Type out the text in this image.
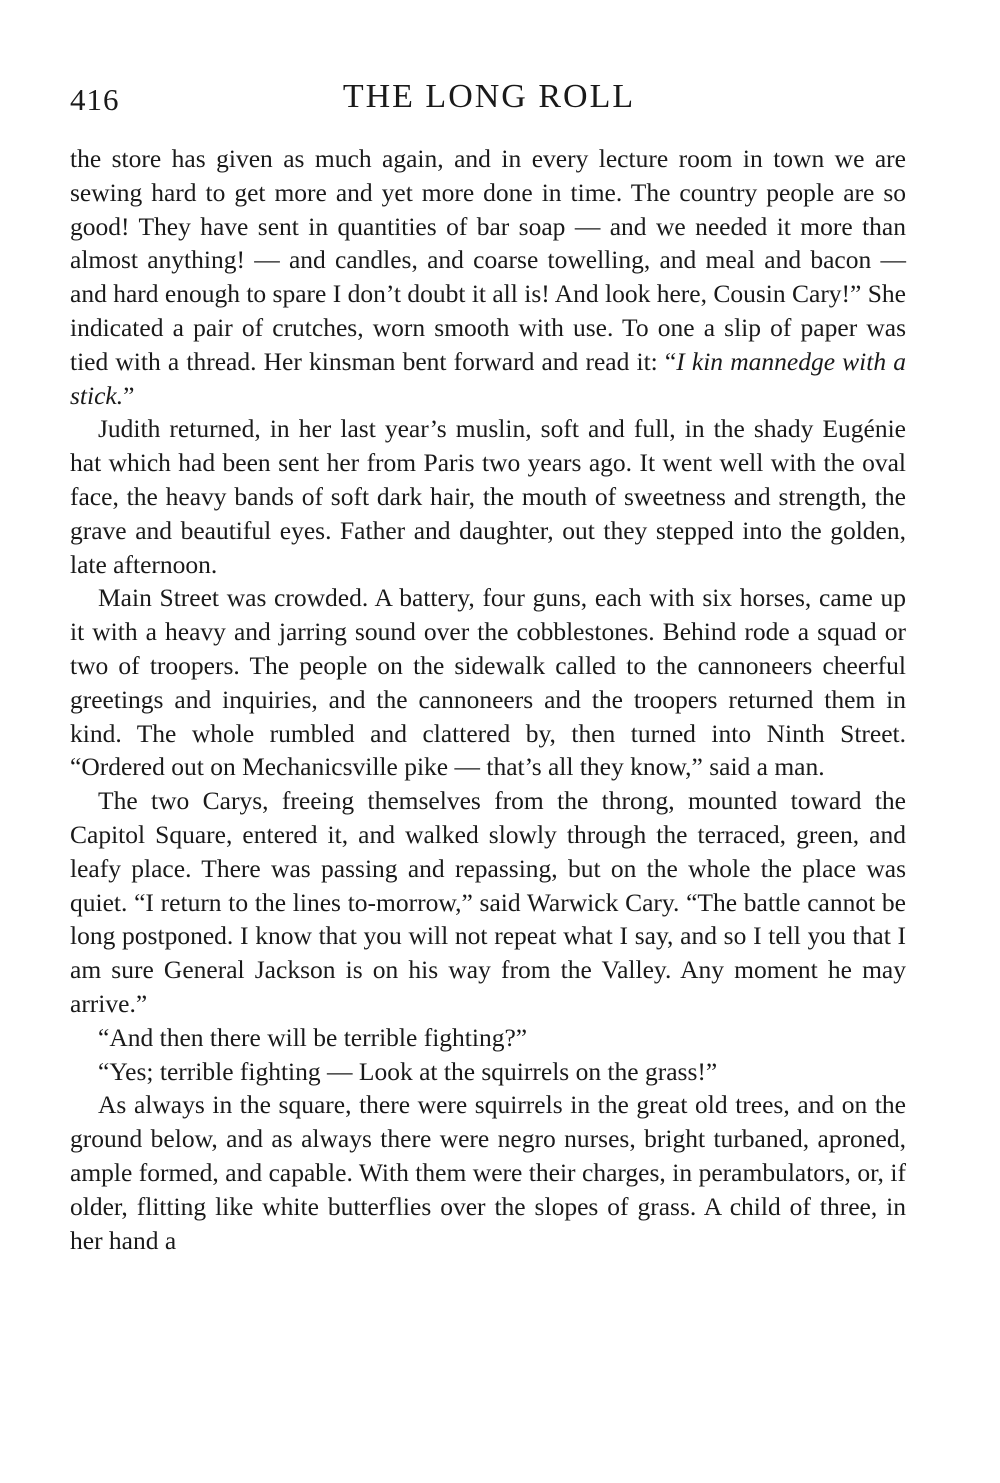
416	THE LONG ROLL

the store has given as much again, and in every lecture room in town we are sewing hard to get more and yet more done in time. The country people are so good! They have sent in quantities of bar soap — and we needed it more than almost anything! — and candles, and coarse towelling, and meal and bacon — and hard enough to spare I don’t doubt it all is! And look here, Cousin Cary!” She indicated a pair of crutches, worn smooth with use. To one a slip of paper was tied with a thread. Her kinsman bent forward and read it: “I kin mannedge with a stick.”

Judith returned, in her last year’s muslin, soft and full, in the shady Eugénie hat which had been sent her from Paris two years ago. It went well with the oval face, the heavy bands of soft dark hair, the mouth of sweetness and strength, the grave and beautiful eyes. Father and daughter, out they stepped into the golden, late afternoon.

Main Street was crowded. A battery, four guns, each with six horses, came up it with a heavy and jarring sound over the cobblestones. Behind rode a squad or two of troopers. The people on the sidewalk called to the cannoneers cheerful greetings and inquiries, and the cannoneers and the troopers returned them in kind. The whole rumbled and clattered by, then turned into Ninth Street. “Ordered out on Mechanicsville pike — that’s all they know,” said a man.

The two Carys, freeing themselves from the throng, mounted toward the Capitol Square, entered it, and walked slowly through the terraced, green, and leafy place. There was passing and repassing, but on the whole the place was quiet. “I return to the lines to-morrow,” said Warwick Cary. “The battle cannot be long postponed. I know that you will not repeat what I say, and so I tell you that I am sure General Jackson is on his way from the Valley. Any moment he may arrive.”

“And then there will be terrible fighting?”

“Yes; terrible fighting — Look at the squirrels on the grass!”

As always in the square, there were squirrels in the great old trees, and on the ground below, and as always there were negro nurses, bright turbaned, aproned, ample formed, and capable. With them were their charges, in perambulators, or, if older, flitting like white butterflies over the slopes of grass. A child of three, in her hand a
